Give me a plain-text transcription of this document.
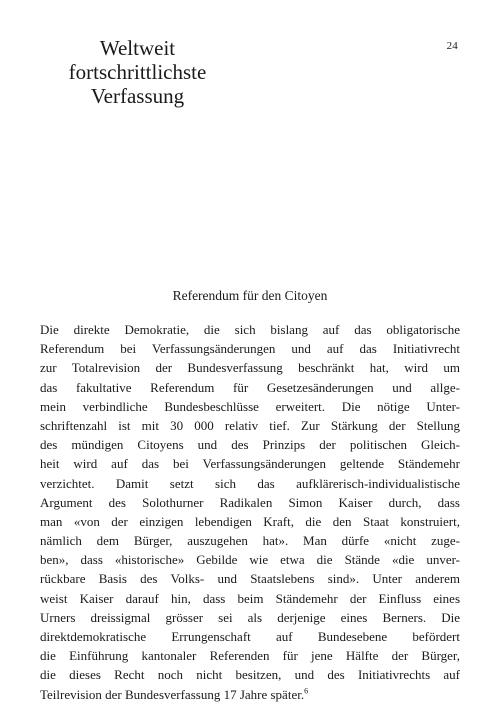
24
Weltweit
fortschrittlichste
Verfassung
Referendum für den Citoyen
Die direkte Demokratie, die sich bislang auf das obligatorische
Referendum bei Verfassungsänderungen und auf das Initiativrecht
zur Totalrevision der Bundesverfassung beschränkt hat, wird um
das fakultative Referendum für Gesetzesänderungen und allge-
mein verbindliche Bundesbeschlüsse erweitert. Die nötige Unter-
schriftenzahl ist mit 30 000 relativ tief. Zur Stärkung der Stellung
des mündigen Citoyens und des Prinzips der politischen Gleich-
heit wird auf das bei Verfassungsänderungen geltende Ständemehr
verzichtet. Damit setzt sich das aufklärerisch-individualistische
Argument des Solothurner Radikalen Simon Kaiser durch, dass
man «von der einzigen lebendigen Kraft, die den Staat konstruiert,
nämlich dem Bürger, auszugehen hat». Man dürfe «nicht zuge-
ben», dass «historische» Gebilde wie etwa die Stände «die unver-
rückbare Basis des Volks- und Staatslebens sind». Unter anderem
weist Kaiser darauf hin, dass beim Ständemehr der Einfluss eines
Urners dreissigmal grösser sei als derjenige eines Berners. Die
direktdemokratische Errungenschaft auf Bundesebene befördert
die Einführung kantonaler Referenden für jene Hälfte der Bürger,
die dieses Recht noch nicht besitzen, und des Initiativrechts auf
Teilrevision der Bundesverfassung 17 Jahre später.$^6$
